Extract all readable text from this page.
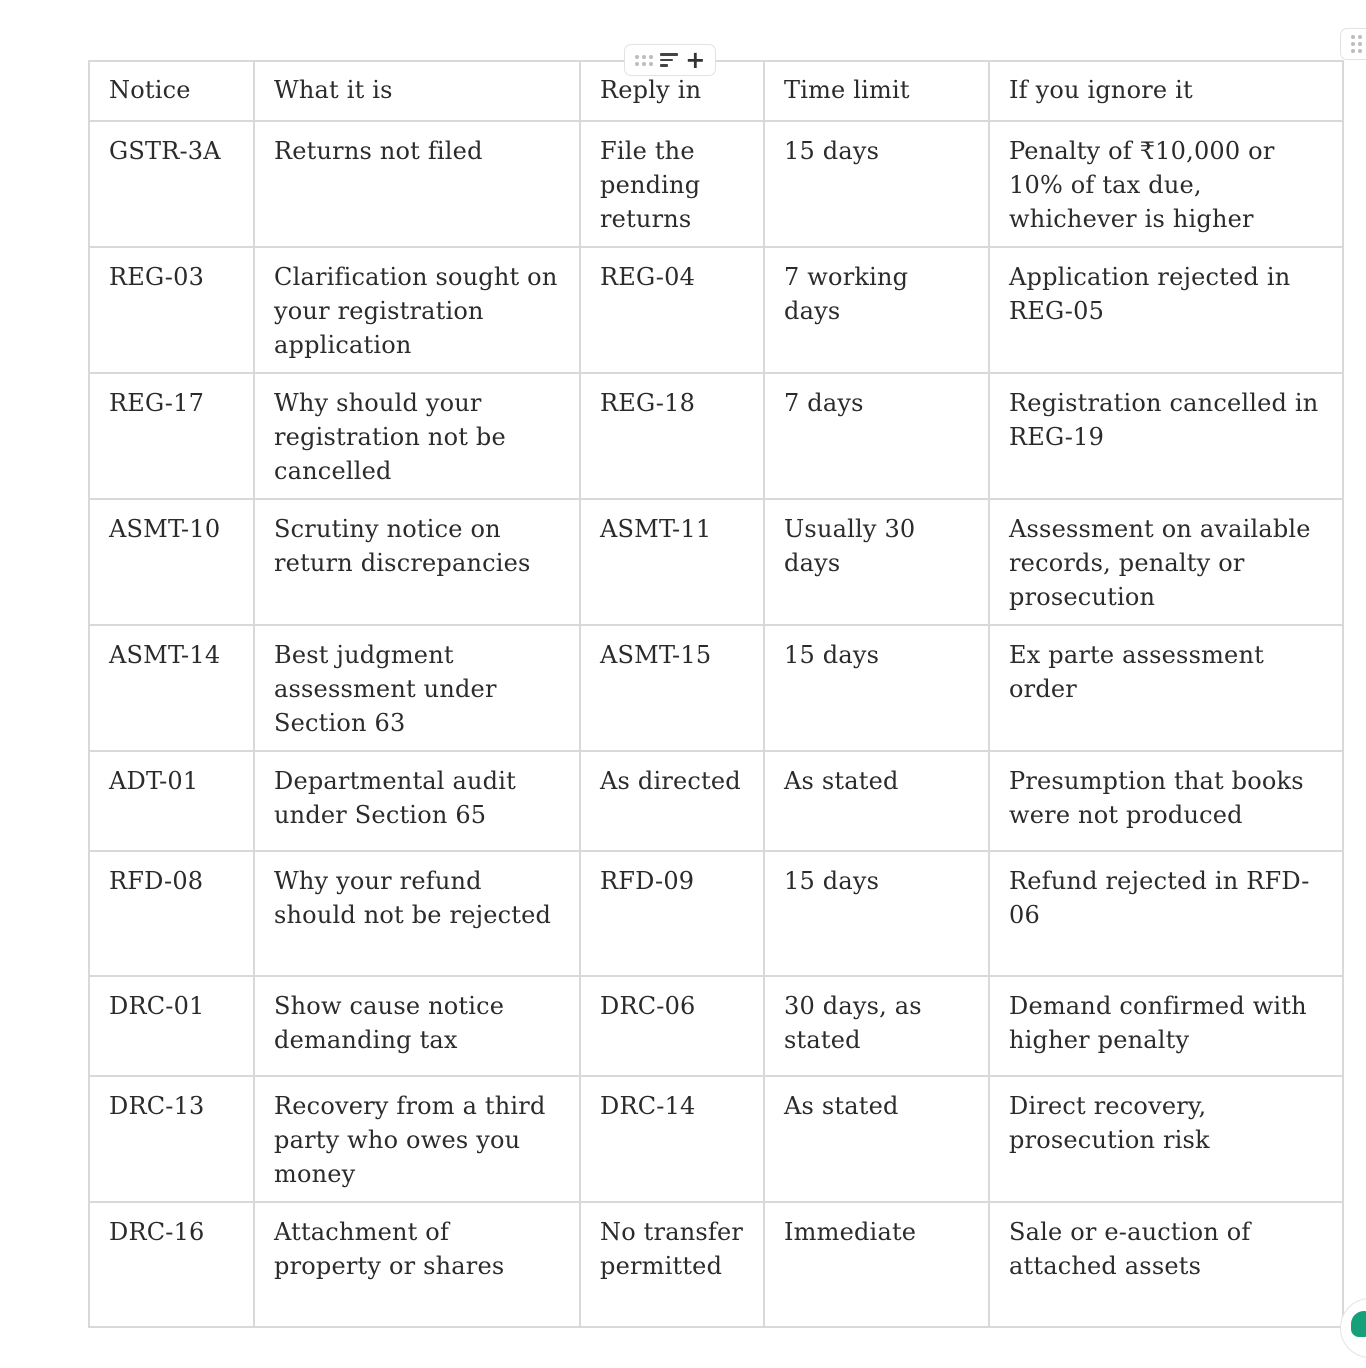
Notice	What it is	Reply in	Time limit	If you ignore it
GSTR-3A	Returns not filed	File the pending returns	15 days	Penalty of ₹10,000 or 10% of tax due, whichever is higher
REG-03	Clarification sought on your registration application	REG-04	7 working days	Application rejected in REG-05
REG-17	Why should your registration not be cancelled	REG-18	7 days	Registration cancelled in REG-19
ASMT-10	Scrutiny notice on return discrepancies	ASMT-11	Usually 30 days	Assessment on available records, penalty or prosecution
ASMT-14	Best judgment assessment under Section 63	ASMT-15	15 days	Ex parte assessment order
ADT-01	Departmental audit under Section 65	As directed	As stated	Presumption that books were not produced
RFD-08	Why your refund should not be rejected	RFD-09	15 days	Refund rejected in RFD-06
DRC-01	Show cause notice demanding tax	DRC-06	30 days, as stated	Demand confirmed with higher penalty
DRC-13	Recovery from a third party who owes you money	DRC-14	As stated	Direct recovery, prosecution risk
DRC-16	Attachment of property or shares	No transfer permitted	Immediate	Sale or e-auction of attached assets
+
